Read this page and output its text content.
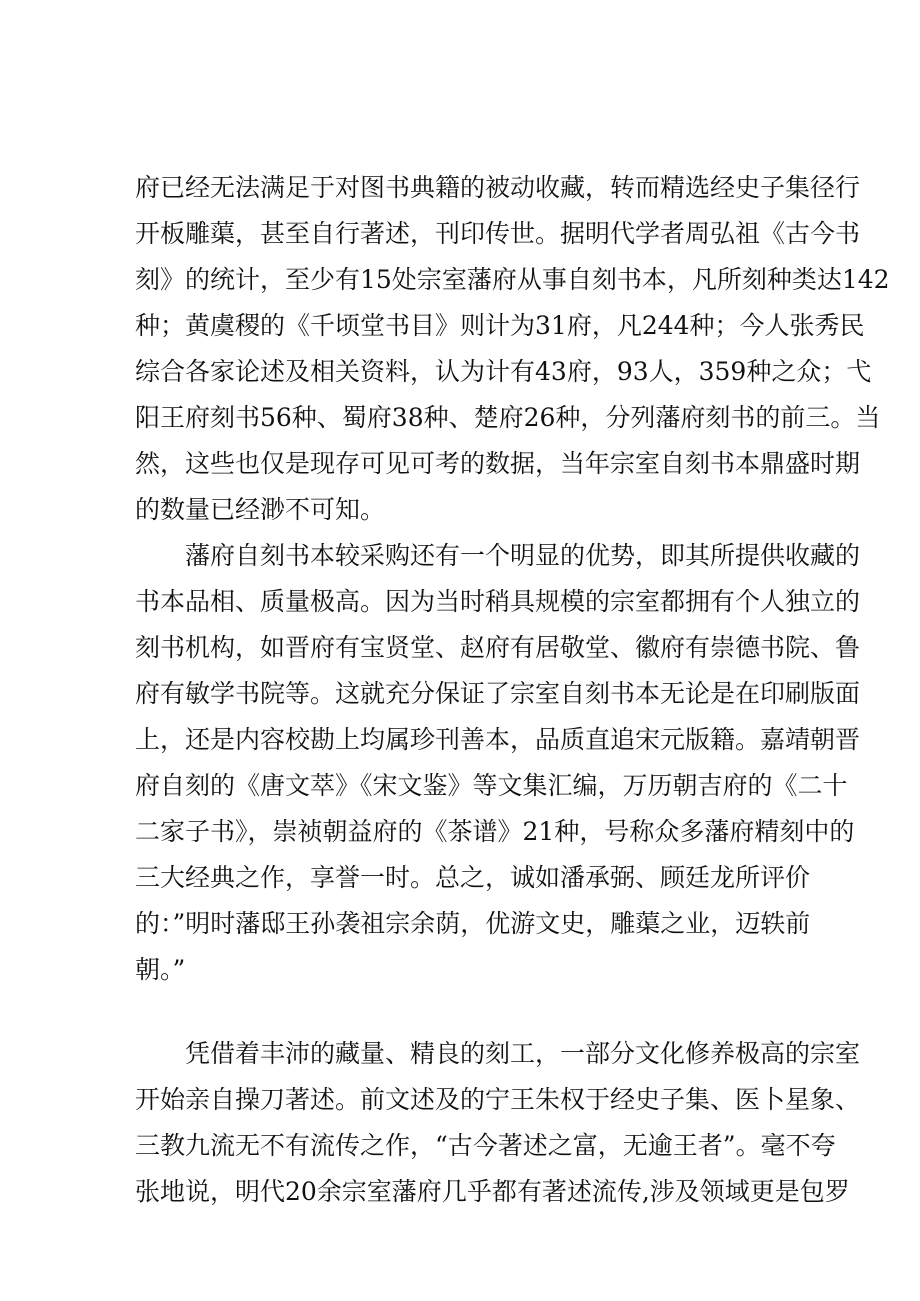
府已经无法满足于对图书典籍的被动收藏，转而精选经史子集径行
开板雕蕖，甚至自行著述，刊印传世。据明代学者周弘祖《古今书
刻》的统计，至少有15处宗室藩府从事自刻书本，凡所刻种类达142
种；黄虞稷的《千顷堂书目》则计为31府，凡244种；今人张秀民
综合各家论述及相关资料，认为计有43府，93人，359种之众；弋
阳王府刻书56种、蜀府38种、楚府26种，分列藩府刻书的前三。当
然，这些也仅是现存可见可考的数据，当年宗室自刻书本鼎盛时期
的数量已经渺不可知。
藩府自刻书本较采购还有一个明显的优势，即其所提供收藏的
书本品相、质量极高。因为当时稍具规模的宗室都拥有个人独立的
刻书机构，如晋府有宝贤堂、赵府有居敬堂、徽府有崇德书院、鲁
府有敏学书院等。这就充分保证了宗室自刻书本无论是在印刷版面
上，还是内容校勘上均属珍刊善本，品质直追宋元版籍。嘉靖朝晋
府自刻的《唐文萃》《宋文鉴》等文集汇编，万历朝吉府的《二十
二家子书》，崇祯朝益府的《茶谱》21种，号称众多藩府精刻中的
三大经典之作，享誉一时。总之，诚如潘承弼、顾廷龙所评价
的：”明时藩邸王孙袭祖宗余荫，优游文史，雕蕖之业，迈轶前
朝。”
凭借着丰沛的藏量、精良的刻工，一部分文化修养极高的宗室
开始亲自操刀著述。前文述及的宁王朱权于经史子集、医卜星象、
三教九流无不有流传之作，“古今著述之富，无逾王者”。毫不夸
张地说，明代20余宗室藩府几乎都有著述流传,涉及领域更是包罗
